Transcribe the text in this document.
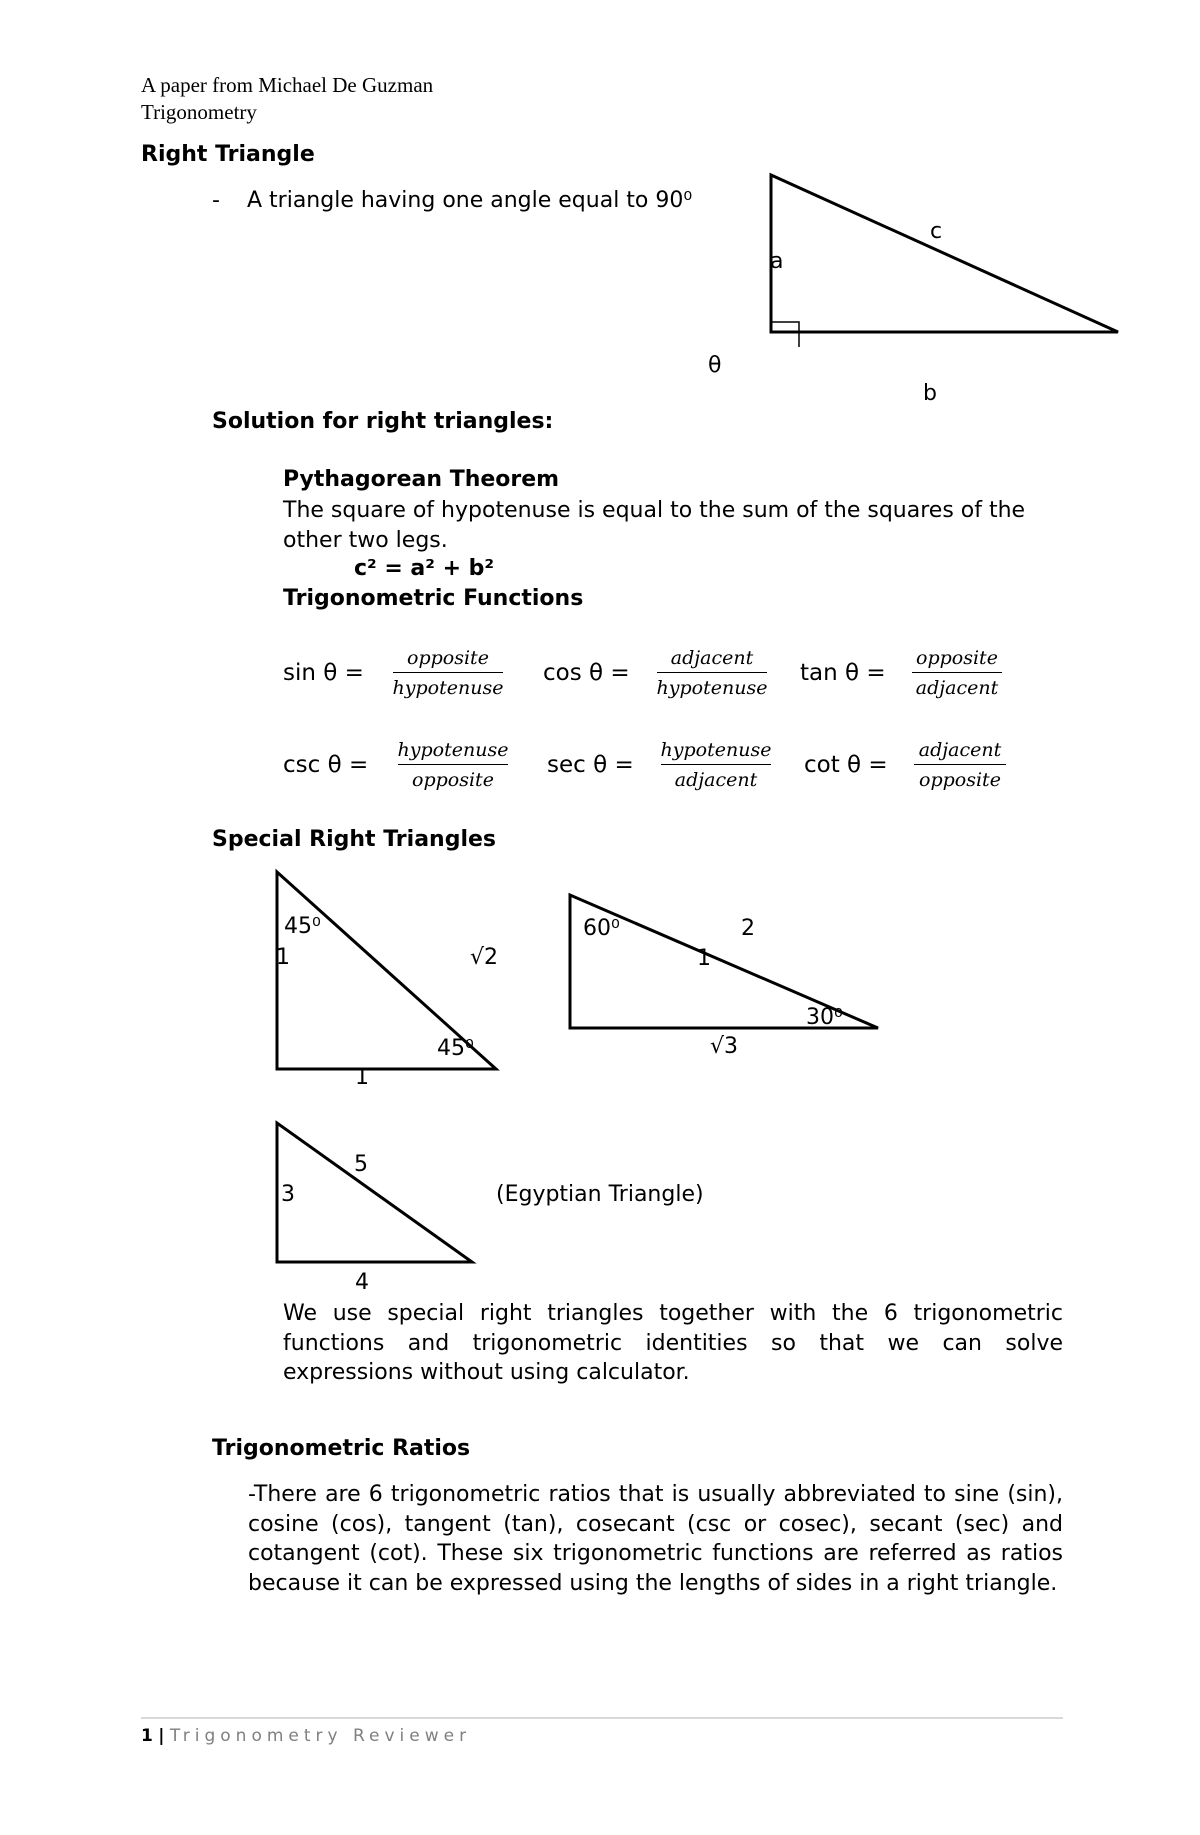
A paper from Michael De Guzman
Trigonometry
Right Triangle
- A triangle having one angle equal to 90⁰
a
c
θ
b
Solution for right triangles:
Pythagorean Theorem
The square of hypotenuse is equal to the sum of the squares of the other two legs.
c² = a² + b²
Trigonometric Functions
sin θ =
opposite
hypotenuse
cos θ =
adjacent
hypotenuse
tan θ =
opposite
adjacent
csc θ =
hypotenuse
opposite
sec θ =
hypotenuse
adjacent
cot θ =
adjacent
opposite
Special Right Triangles
45⁰
1	√2
45⁰
1
60⁰	2
1
30⁰
√3
5
3	(Egyptian Triangle)
4
We use special right triangles together with the 6 trigonometric functions and trigonometric identities so that we can solve expressions without using calculator.
Trigonometric Ratios
-There are 6 trigonometric ratios that is usually abbreviated to sine (sin), cosine (cos), tangent (tan), cosecant (csc or cosec), secant (sec) and cotangent (cot). These six trigonometric functions are referred as ratios because it can be expressed using the lengths of sides in a right triangle.
1 | Trigonometry Reviewer
